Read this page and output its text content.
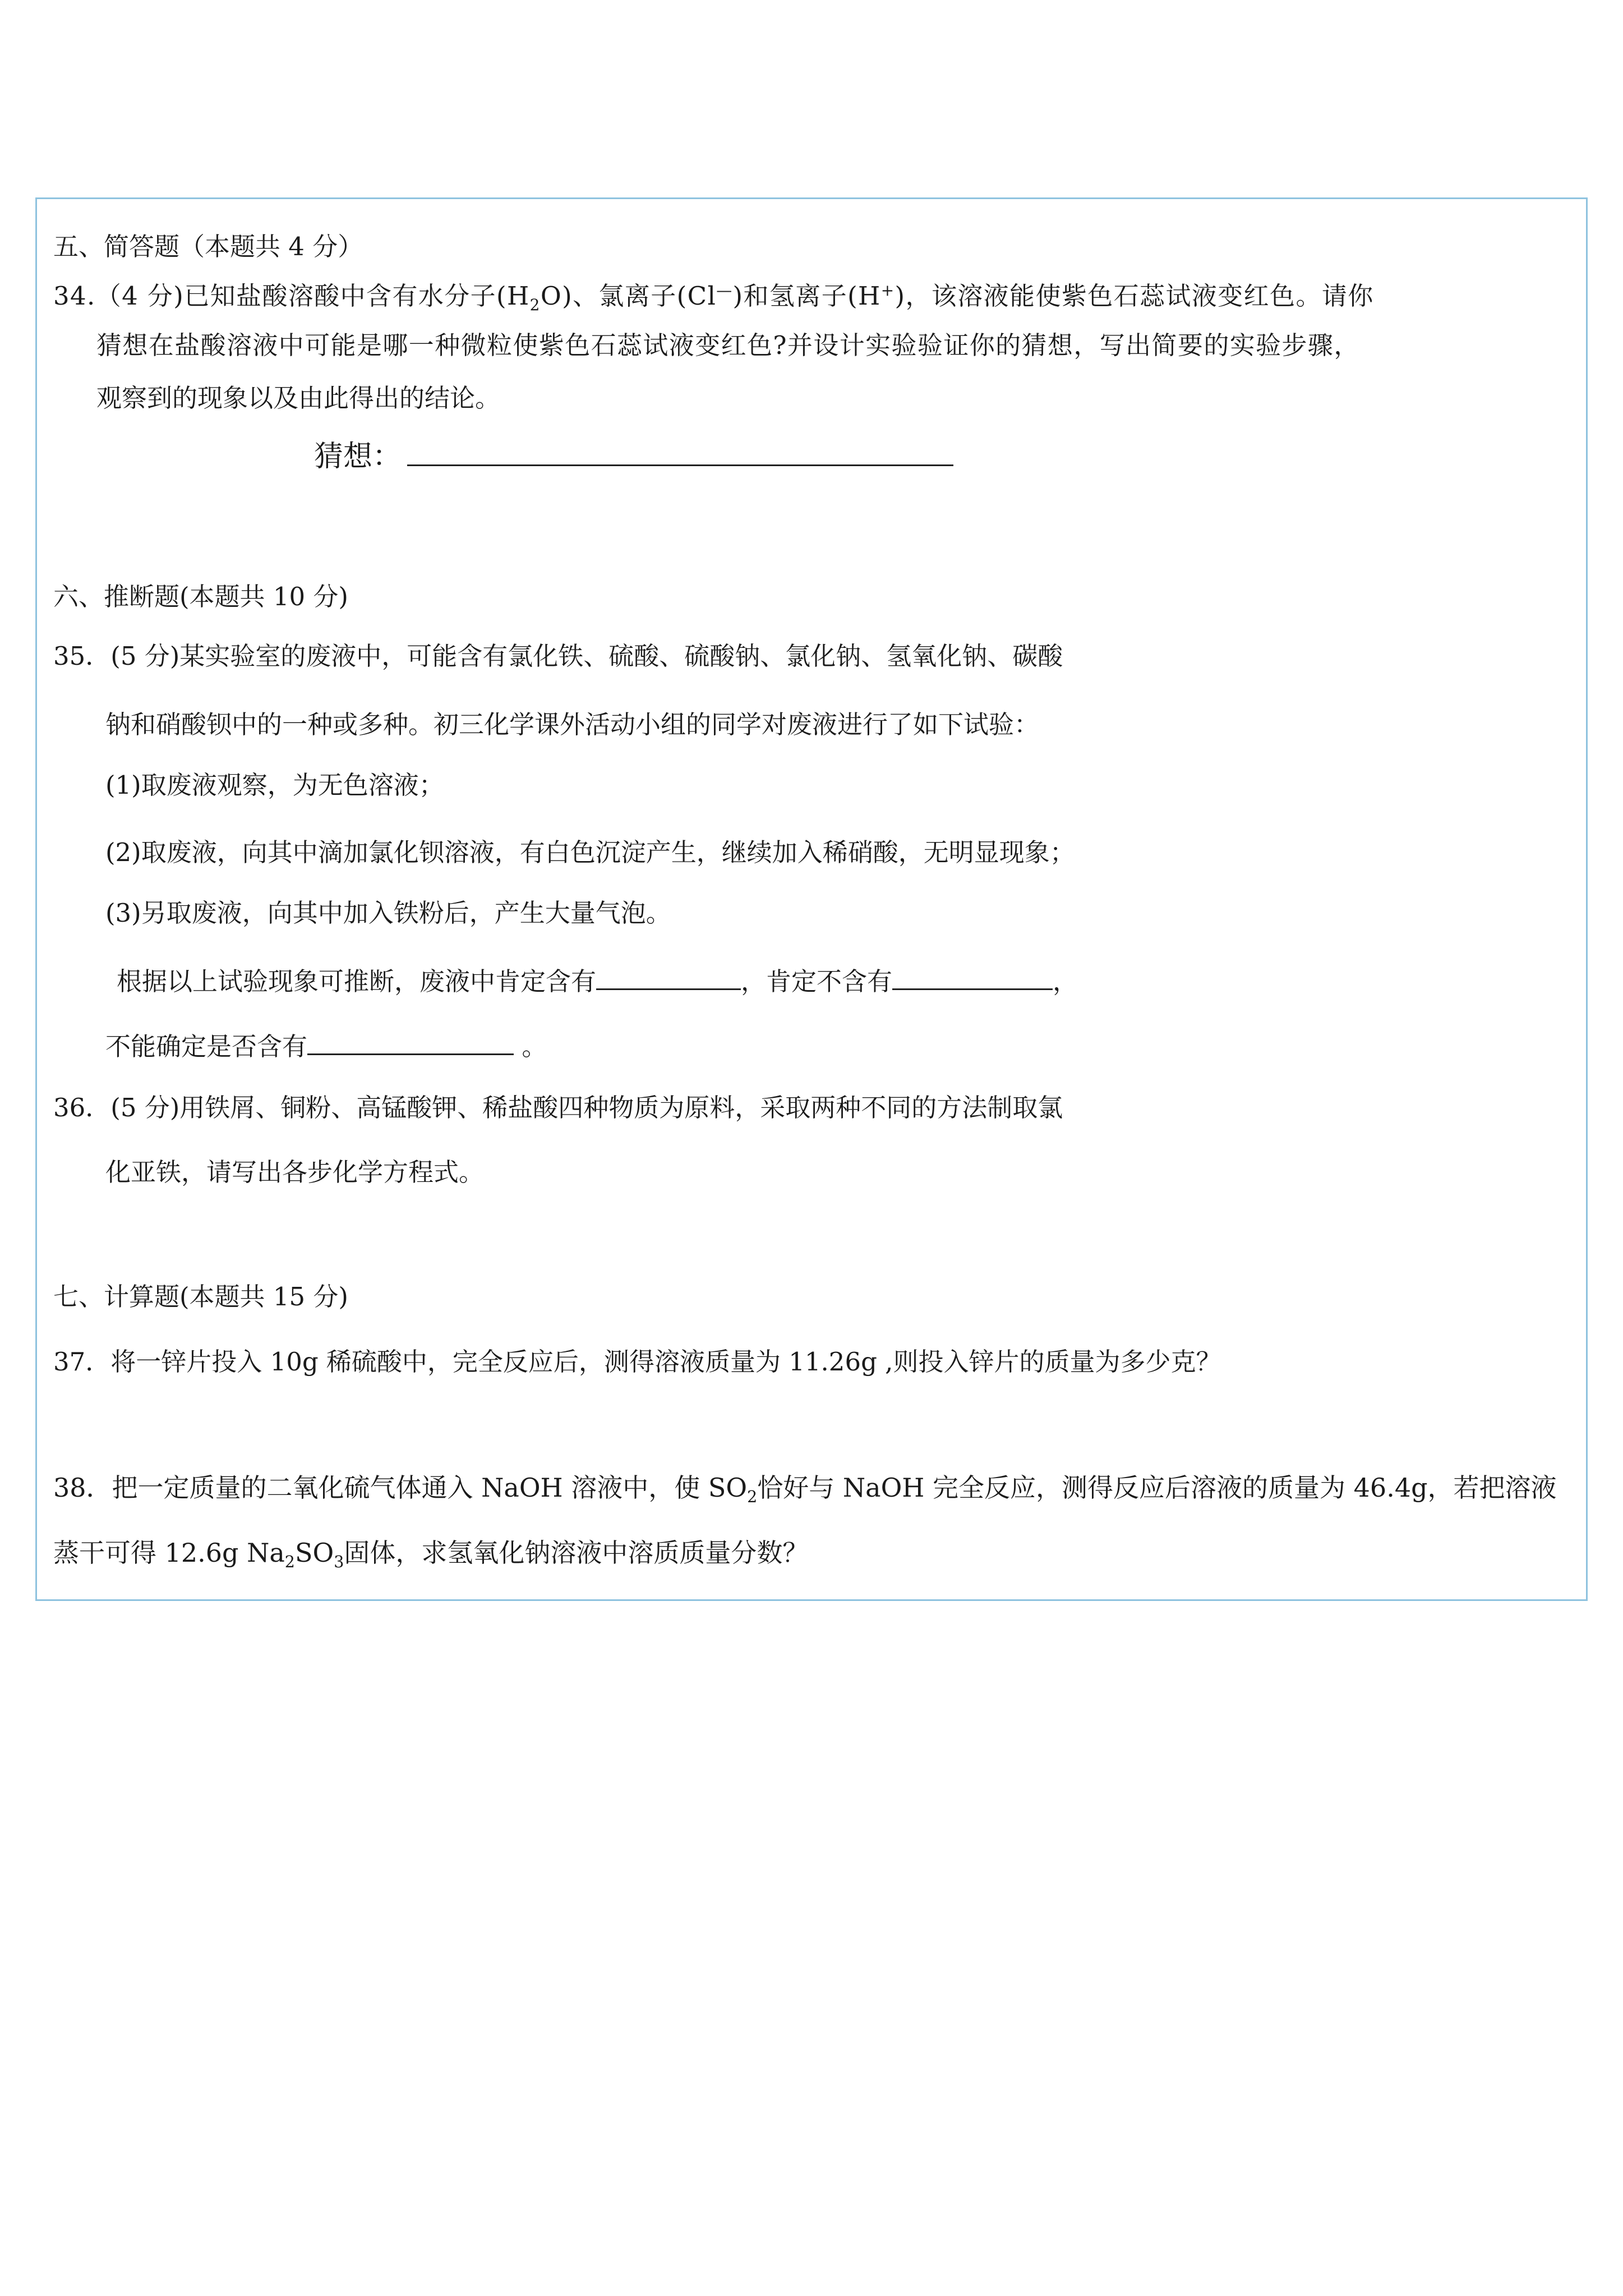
五、简答题（本题共 4 分）
34.（4 分)已知盐酸溶酸中含有水分子$(H_2O)$、氯离子(Cl—)和氢离子(H+)，该溶液能使紫色石蕊试液变红色。请你
猜想在盐酸溶液中可能是哪一种微粒使紫色石蕊试液变红色?并设计实验验证你的猜想，写出简要的实验步骤，
观察到的现象以及由此得出的结论。
猜想：
六、推断题(本题共 10 分)
35．(5 分)某实验室的废液中，可能含有氯化铁、硫酸、硫酸钠、氯化钠、氢氧化钠、碳酸
钠和硝酸钡中的一种或多种。初三化学课外活动小组的同学对废液进行了如下试验：
(1)取废液观察，为无色溶液；
(2)取废液，向其中滴加氯化钡溶液，有白色沉淀产生，继续加入稀硝酸，无明显现象；
(3)另取废液，向其中加入铁粉后，产生大量气泡。
根据以上试验现象可推断，废液中肯定含有	，肯定不含有	，
不能确定是否含有	。
36．(5 分)用铁屑、铜粉、高锰酸钾、稀盐酸四种物质为原料，采取两种不同的方法制取氯
化亚铁，请写出各步化学方程式。
七、计算题(本题共 15 分)
37．将一锌片投入 10g 稀硫酸中，完全反应后，测得溶液质量为 11.26g ,则投入锌片的质量为多少克？
38．把一定质量的二氧化硫气体通入 NaOH 溶液中，使 $SO_2$恰好与 NaOH 完全反应，测得反应后溶液的质量为 46.4g，若把溶液
蒸干可得 12.6g $Na_2SO_3$固体，求氢氧化钠溶液中溶质质量分数？
